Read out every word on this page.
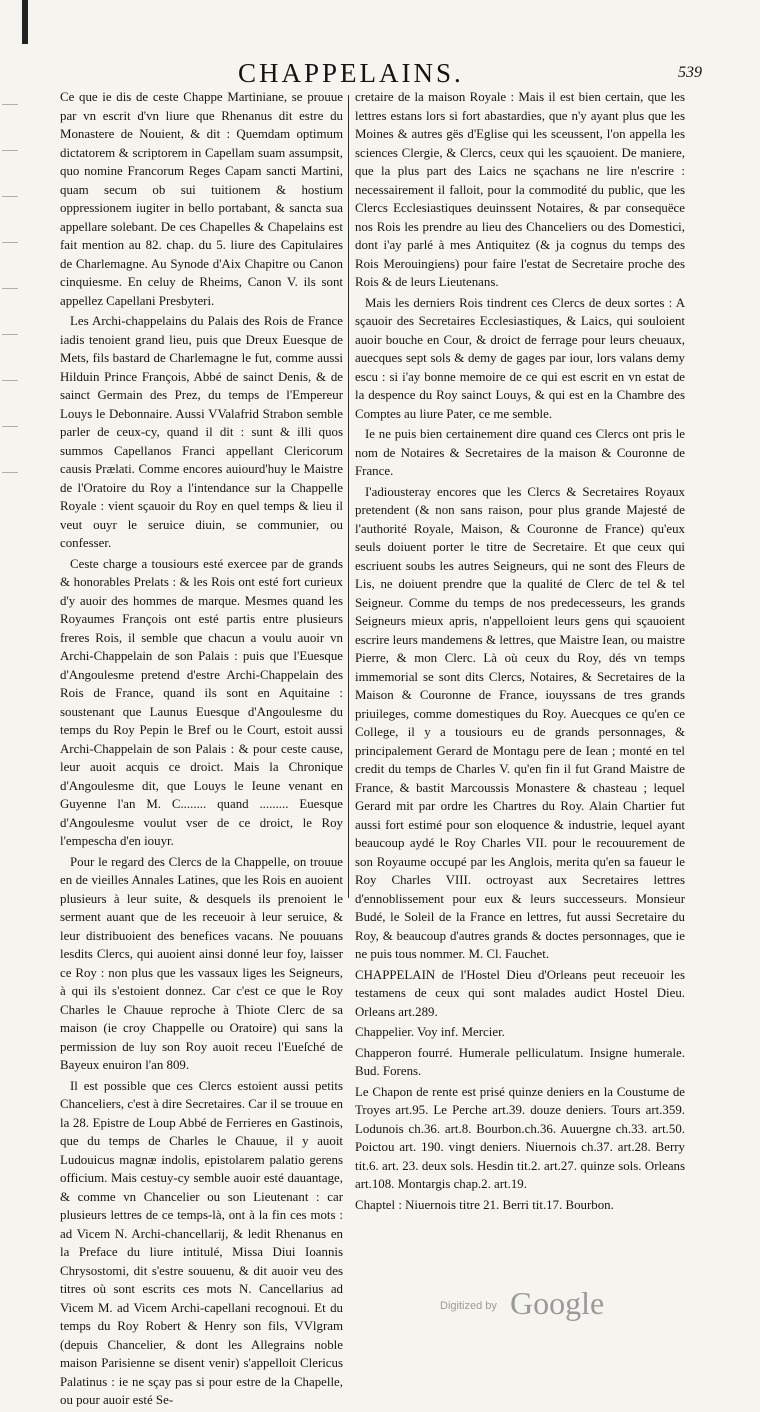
CHAPPELAINS.	539

Ce que ie dis de ceste Chappe Martiniane, se prouue par vn escrit d'vn liure que Rhenanus dit estre du Monastere de Nouient, & dit : Quemdam optimum dictatorem & scriptorem in Capellam suam assumpsit, quo nomine Francorum Reges Capam sancti Martini, quam secum ob sui tuitionem & hostium oppressionem iugiter in bello portabant, & sancta sua appellare solebant. De ces Chapelles & Chapelains est fait mention au 82. chap. du 5. liure des Capitulaires de Charlemagne. Au Synode d'Aix Chapitre ou Canon cinquiesme. En celuy de Rheims, Canon V. ils sont appellez Capellani Presbyteri.

Les Archi-chappelains du Palais des Rois de France iadis tenoient grand lieu, puis que Dreux Euesque de Mets, fils bastard de Charlemagne le fut, comme aussi Hilduin Prince François, Abbé de sainct Denis, & de sainct Germain des Prez, du temps de l'Empereur Louys le Debonnaire. Aussi VValafrid Strabon semble parler de ceux-cy, quand il dit : sunt & illi quos summos Capellanos Franci appellant Clericorum causis Prælati. Comme encores auiourd'huy le Maistre de l'Oratoire du Roy a l'intendance sur la Chappelle Royale : vient sçauoir du Roy en quel temps & lieu il veut ouyr le seruice diuin, se communier, ou confesser.

Ceste charge a tousiours esté exercee par de grands & honorables Prelats : & les Rois ont esté fort curieux d'y auoir des hommes de marque. Mesmes quand les Royaumes François ont esté partis entre plusieurs freres Rois, il semble que chacun a voulu auoir vn Archi-Chappelain de son Palais : puis que l'Euesque d'Angoulesme pretend d'estre Archi-Chappelain des Rois de France, quand ils sont en Aquitaine : soustenant que Launus Euesque d'Angoulesme du temps du Roy Pepin le Bref ou le Court, estoit aussi Archi-Chappelain de son Palais : & pour ceste cause, leur auoit acquis ce droict. Mais la Chronique d'Angoulesme dit, que Louys le Ieune venant en Guyenne l'an M. C........ quand ......... Euesque d'Angoulesme voulut vser de ce droict, le Roy l'empescha d'en iouyr.

Pour le regard des Clercs de la Chappelle, on trouue en de vieilles Annales Latines, que les Rois en auoient plusieurs à leur suite, & desquels ils prenoient le serment auant que de les receuoir à leur seruice, & leur distribuoient des benefices vacans. Ne pouuans lesdits Clercs, qui auoient ainsi donné leur foy, laisser ce Roy : non plus que les vassaux liges les Seigneurs, à qui ils s'estoient donnez. Car c'est ce que le Roy Charles le Chauue reproche à Thiote Clerc de sa maison (ie croy Chappelle ou Oratoire) qui sans la permission de luy son Roy auoit receu l'Eueſché de Bayeux enuiron l'an 809.

Il est possible que ces Clercs estoient aussi petits Chanceliers, c'est à dire Secretaires. Car il se trouue en la 28. Epistre de Loup Abbé de Ferrieres en Gastinois, que du temps de Charles le Chauue, il y auoit Ludouicus magnæ indolis, epistolarem palatio gerens officium. Mais cestuy-cy semble auoir esté dauantage, & comme vn Chancelier ou son Lieutenant : car plusieurs lettres de ce temps-là, ont à la fin ces mots : ad Vicem N. Archi-chancellarij, & ledit Rhenanus en la Preface du liure intitulé, Missa Diui Ioannis Chrysostomi, dit s'estre souuenu, & dit auoir veu des titres où sont escrits ces mots N. Cancellarius ad Vicem M. ad Vicem Archi-capellani recognoui. Et du temps du Roy Robert & Henry son fils, VVlgram (depuis Chancelier, & dont les Allegrains noble maison Parisienne se disent venir) s'appelloit Clericus Palatinus : ie ne sçay pas si pour estre de la Chapelle, ou pour auoir esté Se-

cretaire de la maison Royale : Mais il est bien certain, que les lettres estans lors si fort abastardies, que n'y ayant plus que les Moines & autres gës d'Eglise qui les sceussent, l'on appella les sciences Clergie, & Clercs, ceux qui les sçauoient. De maniere, que la plus part des Laics ne sçachans ne lire n'escrire : necessairement il falloit, pour la commodité du public, que les Clercs Ecclesiastiques deuinssent Notaires, & par consequëce nos Rois les prendre au lieu des Chanceliers ou des Domestici, dont i'ay parlé à mes Antiquitez (& ja cognus du temps des Rois Merouingiens) pour faire l'estat de Secretaire proche des Rois & de leurs Lieutenans.

Mais les derniers Rois tindrent ces Clercs de deux sortes : A sçauoir des Secretaires Ecclesiastiques, & Laics, qui souloient auoir bouche en Cour, & droict de ferrage pour leurs cheuaux, auecques sept sols & demy de gages par iour, lors valans demy escu : si i'ay bonne memoire de ce qui est escrit en vn estat de la despence du Roy sainct Louys, & qui est en la Chambre des Comptes au liure Pater, ce me semble.

Ie ne puis bien certainement dire quand ces Clercs ont pris le nom de Notaires & Secretaires de la maison & Couronne de France.

I'adiousteray encores que les Clercs & Secretaires Royaux pretendent (& non sans raison, pour plus grande Majesté de l'authorité Royale, Maison, & Couronne de France) qu'eux seuls doiuent porter le titre de Secretaire. Et que ceux qui escriuent soubs les autres Seigneurs, qui ne sont des Fleurs de Lis, ne doiuent prendre que la qualité de Clerc de tel & tel Seigneur. Comme du temps de nos predecesseurs, les grands Seigneurs mieux apris, n'appelloient leurs gens qui sçauoient escrire leurs mandemens & lettres, que Maistre Iean, ou maistre Pierre, & mon Clerc. Là où ceux du Roy, dés vn temps immemorial se sont dits Clercs, Notaires, & Secretaires de la Maison & Couronne de France, iouyssans de tres grands priuileges, comme domestiques du Roy. Auecques ce qu'en ce College, il y a tousiours eu de grands personnages, & principalement Gerard de Montagu pere de Iean ; monté en tel credit du temps de Charles V. qu'en fin il fut Grand Maistre de France, & bastit Marcoussis Monastere & chasteau ; lequel Gerard mit par ordre les Chartres du Roy. Alain Chartier fut aussi fort estimé pour son eloquence & industrie, lequel ayant beaucoup aydé le Roy Charles VII. pour le recouurement de son Royaume occupé par les Anglois, merita qu'en sa faueur le Roy Charles VIII. octroyast aux Secretaires lettres d'ennoblissement pour eux & leurs successeurs. Monsieur Budé, le Soleil de la France en lettres, fut aussi Secretaire du Roy, & beaucoup d'autres grands & doctes personnages, que ie ne puis tous nommer. M. Cl. Fauchet.

CHAPPELAIN de l'Hostel Dieu d'Orleans peut receuoir les testamens de ceux qui sont malades audict Hostel Dieu. Orleans art.289.

Chappelier. Voy inf. Mercier.

Chapperon fourré. Humerale pelliculatum. Insigne humerale. Bud. Forens.

Le Chapon de rente est prisé quinze deniers en la Coustume de Troyes art.95. Le Perche art.39. douze deniers. Tours art.359. Lodunois ch.36. art.8. Bourbon.ch.36. Auuergne ch.33. art.50. Poictou art. 190. vingt deniers. Niuernois ch.37. art.28. Berry tit.6. art. 23. deux sols. Hesdin tit.2. art.27. quinze sols. Orleans art.108. Montargis chap.2. art.19.

Chaptel : Niuernois titre 21. Berri tit.17. Bourbon.

Digitized by Google
